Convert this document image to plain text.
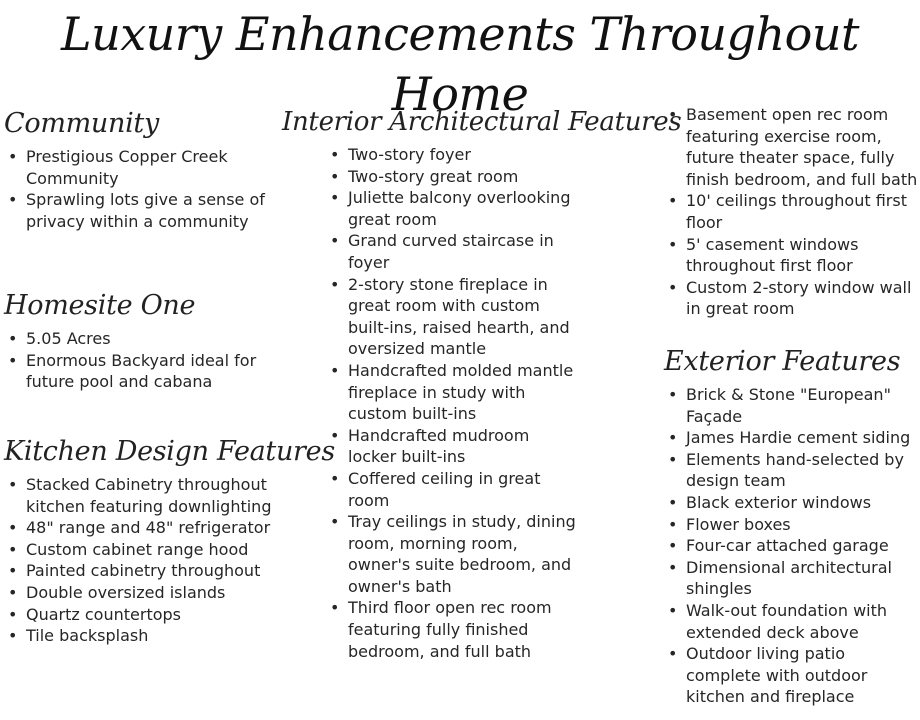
Luxury Enhancements Throughout Home
Community
• Prestigious Copper Creek Community
• Sprawling lots give a sense of privacy within a community
Homesite One
• 5.05 Acres
• Enormous Backyard ideal for future pool and cabana
Kitchen Design Features
• Stacked Cabinetry throughout kitchen featuring downlighting
• 48" range and 48" refrigerator
• Custom cabinet range hood
• Painted cabinetry throughout
• Double oversized islands
• Quartz countertops
• Tile backsplash
Interior Architectural Features
• Two-story foyer
• Two-story great room
• Juliette balcony overlooking great room
• Grand curved staircase in foyer
• 2-story stone fireplace in great room with custom built-ins, raised hearth, and oversized mantle
• Handcrafted molded mantle fireplace in study with custom built-ins
• Handcrafted mudroom locker built-ins
• Coffered ceiling in great room
• Tray ceilings in study, dining room, morning room, owner's suite bedroom, and owner's bath
• Third floor open rec room featuring fully finished bedroom, and full bath
• Basement open rec room featuring exercise room, future theater space, fully finish bedroom, and full bath
• 10' ceilings throughout first floor
• 5' casement windows throughout first floor
• Custom 2-story window wall in great room
Exterior Features
• Brick & Stone "European" Façade
• James Hardie cement siding
• Elements hand-selected by design team
• Black exterior windows
• Flower boxes
• Four-car attached garage
• Dimensional architectural shingles
• Walk-out foundation with extended deck above
• Outdoor living patio complete with outdoor kitchen and fireplace
